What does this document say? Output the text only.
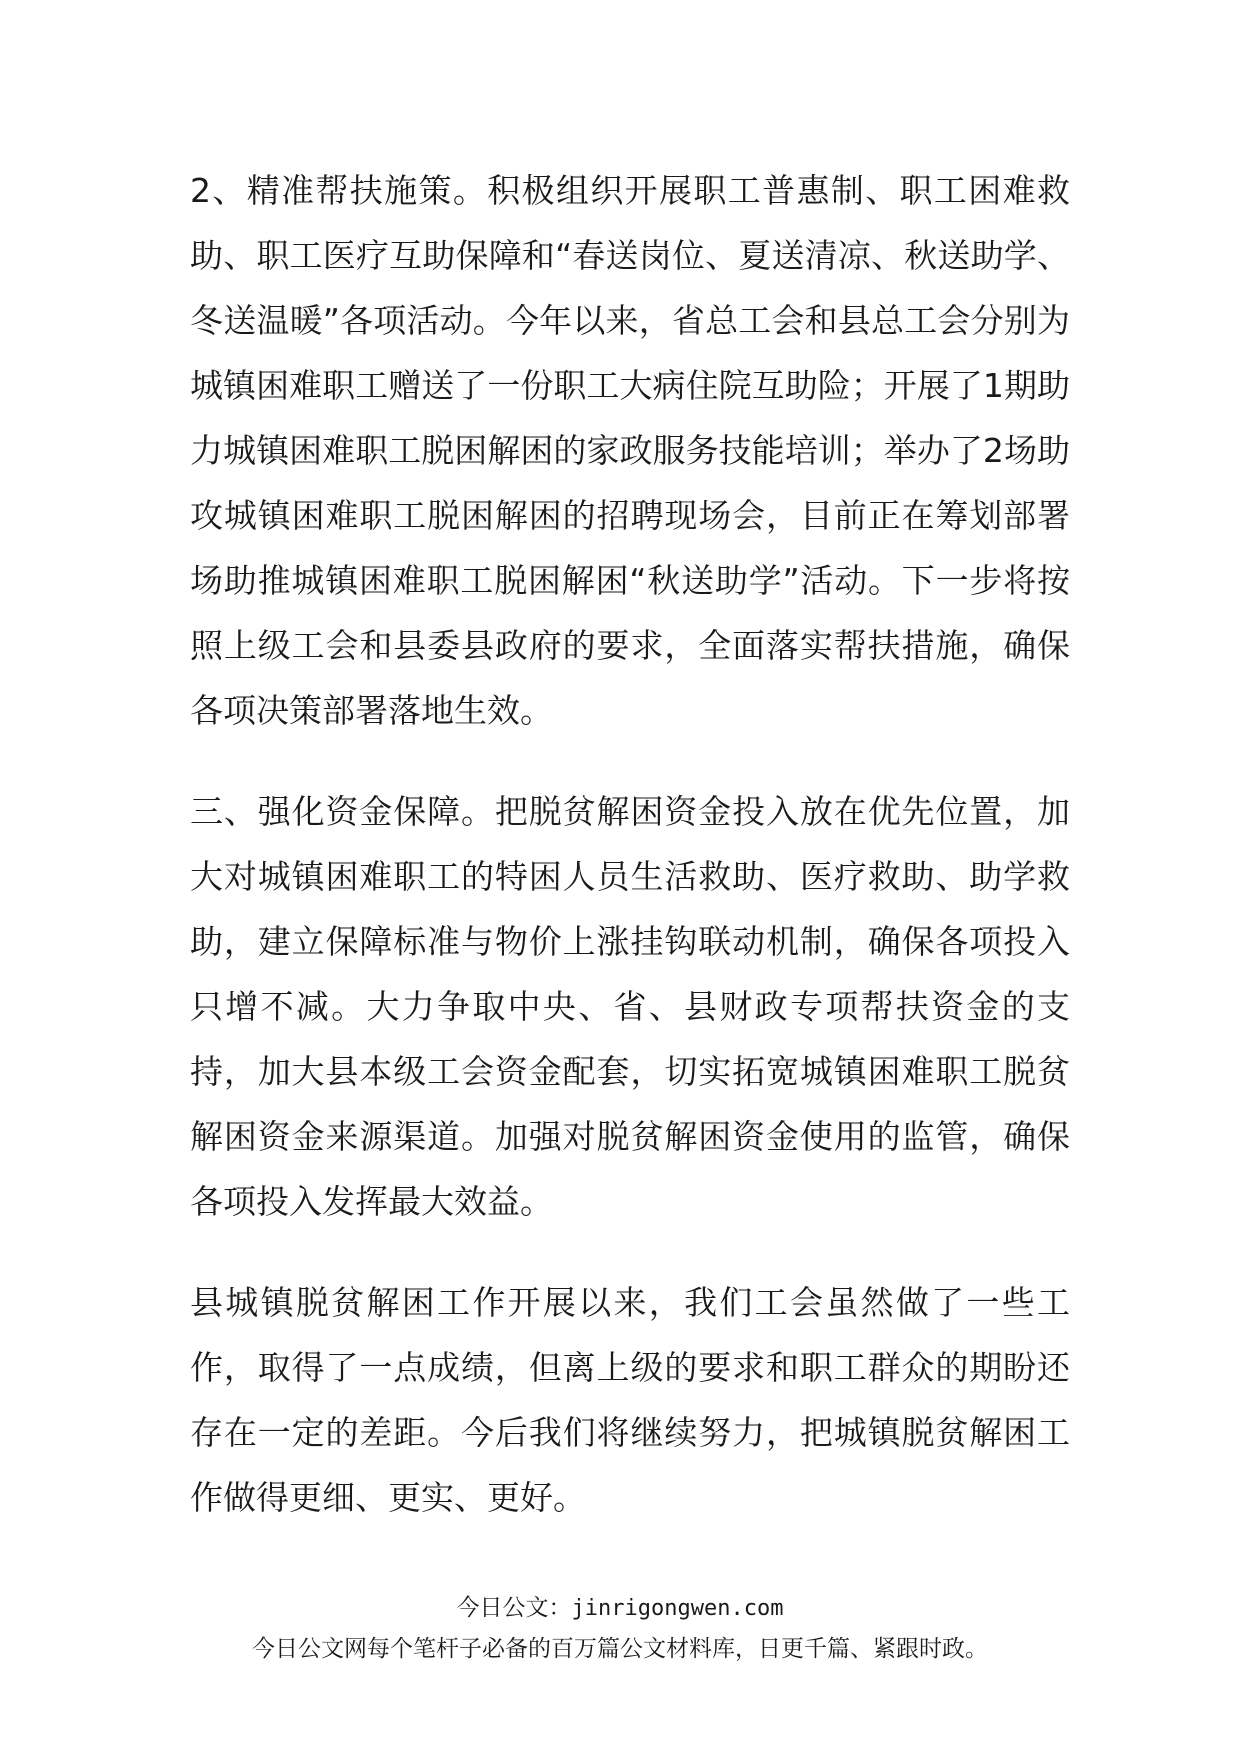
2、精准帮扶施策。积极组织开展职工普惠制、职工困难救助、职工医疗互助保障和“春送岗位、夏送清凉、秋送助学、冬送温暖”各项活动。今年以来，省总工会和县总工会分别为城镇困难职工赠送了一份职工大病住院互助险；开展了1期助力城镇困难职工脱困解困的家政服务技能培训；举办了2场助攻城镇困难职工脱困解困的招聘现场会，目前正在筹划部署场助推城镇困难职工脱困解困“秋送助学”活动。下一步将按照上级工会和县委县政府的要求，全面落实帮扶措施，确保各项决策部署落地生效。

三、强化资金保障。把脱贫解困资金投入放在优先位置，加大对城镇困难职工的特困人员生活救助、医疗救助、助学救助，建立保障标准与物价上涨挂钩联动机制，确保各项投入只增不减。大力争取中央、省、县财政专项帮扶资金的支持，加大县本级工会资金配套，切实拓宽城镇困难职工脱贫解困资金来源渠道。加强对脱贫解困资金使用的监管，确保各项投入发挥最大效益。

县城镇脱贫解困工作开展以来，我们工会虽然做了一些工作，取得了一点成绩，但离上级的要求和职工群众的期盼还存在一定的差距。今后我们将继续努力，把城镇脱贫解困工作做得更细、更实、更好。

今日公文：jinrigongwen.com
今日公文网每个笔杆子必备的百万篇公文材料库，日更千篇、紧跟时政。
